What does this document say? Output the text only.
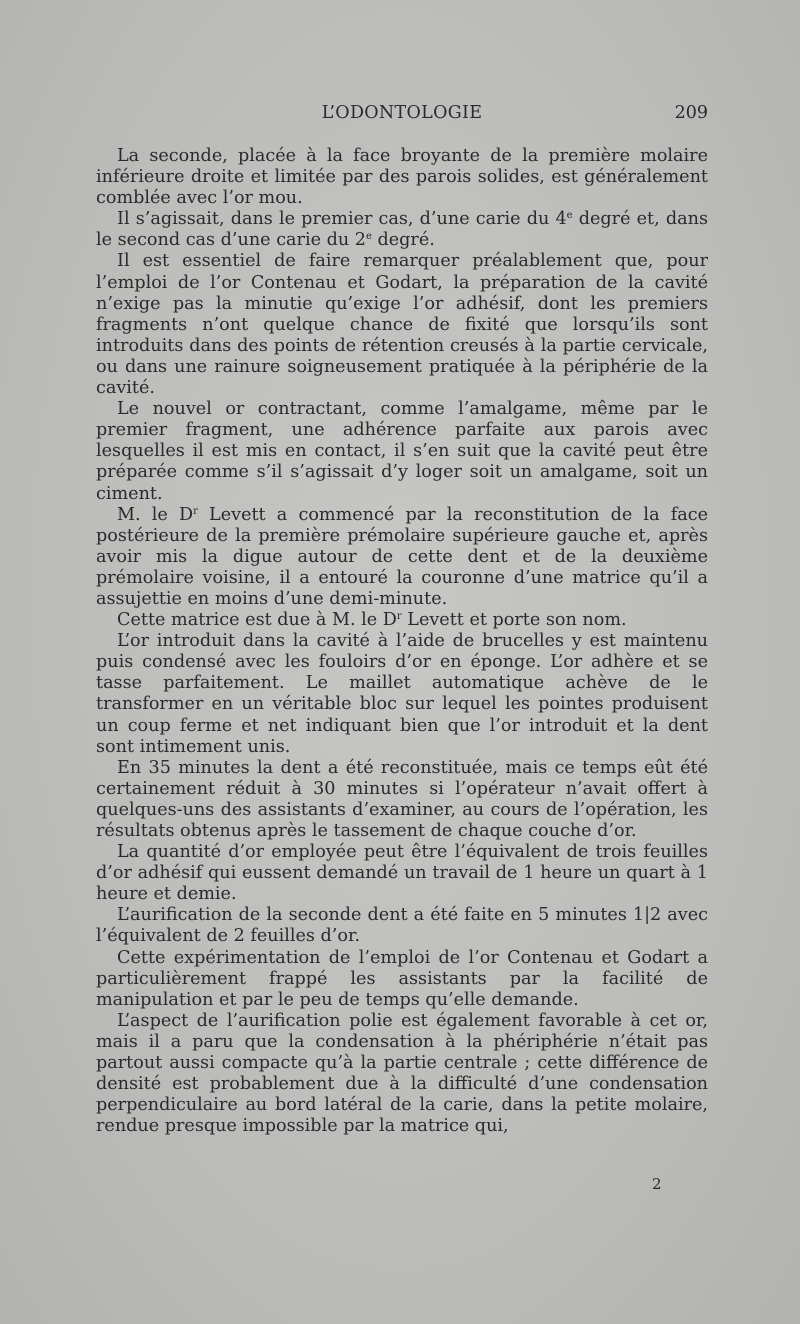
L’ODONTOLOGIE	209

La seconde, placée à la face broyante de la première molaire inférieure droite et limitée par des parois solides, est généralement comblée avec l’or mou.

Il s’agissait, dans le premier cas, d’une carie du 4e degré et, dans le second cas d’une carie du 2e degré.

Il est essentiel de faire remarquer préalablement que, pour l’emploi de l’or Contenau et Godart, la préparation de la cavité n’exige pas la minutie qu’exige l’or adhésif, dont les premiers fragments n’ont quelque chance de fixité que lorsqu’ils sont introduits dans des points de rétention creusés à la partie cervicale, ou dans une rainure soigneusement pratiquée à la périphérie de la cavité.

Le nouvel or contractant, comme l’amalgame, même par le premier fragment, une adhérence parfaite aux parois avec lesquelles il est mis en contact, il s’en suit que la cavité peut être préparée comme s’il s’agissait d’y loger soit un amalgame, soit un ciment.

M. le $D^r$ Levett a commencé par la reconstitution de la face postérieure de la première prémolaire supérieure gauche et, après avoir mis la digue autour de cette dent et de la deuxième prémolaire voisine, il a entouré la couronne d’une matrice qu’il a assujettie en moins d’une demi-minute.

Cette matrice est due à M. le $D^r$ Levett et porte son nom.

L’or introduit dans la cavité à l’aide de brucelles y est maintenu puis condensé avec les fouloirs d’or en éponge. L’or adhère et se tasse parfaitement. Le maillet automatique achève de le transformer en un véritable bloc sur lequel les pointes produisent un coup ferme et net indiquant bien que l’or introduit et la dent sont intimement unis.

En 35 minutes la dent a été reconstituée, mais ce temps eût été certainement réduit à 30 minutes si l’opérateur n’avait offert à quelques-uns des assistants d’examiner, au cours de l’opération, les résultats obtenus après le tassement de chaque couche d’or.

La quantité d’or employée peut être l’équivalent de trois feuilles d’or adhésif qui eussent demandé un travail de 1 heure un quart à 1 heure et demie.

L’aurification de la seconde dent a été faite en 5 minutes 1|2 avec l’équivalent de 2 feuilles d’or.

Cette expérimentation de l’emploi de l’or Contenau et Godart a particulièrement frappé les assistants par la facilité de manipulation et par le peu de temps qu’elle demande.

L’aspect de l’aurification polie est également favorable à cet or, mais il a paru que la condensation à la phériphérie n’était pas partout aussi compacte qu’à la partie centrale ; cette différence de densité est probablement due à la difficulté d’une condensation perpendiculaire au bord latéral de la carie, dans la petite molaire, rendue presque impossible par la matrice qui,

2
